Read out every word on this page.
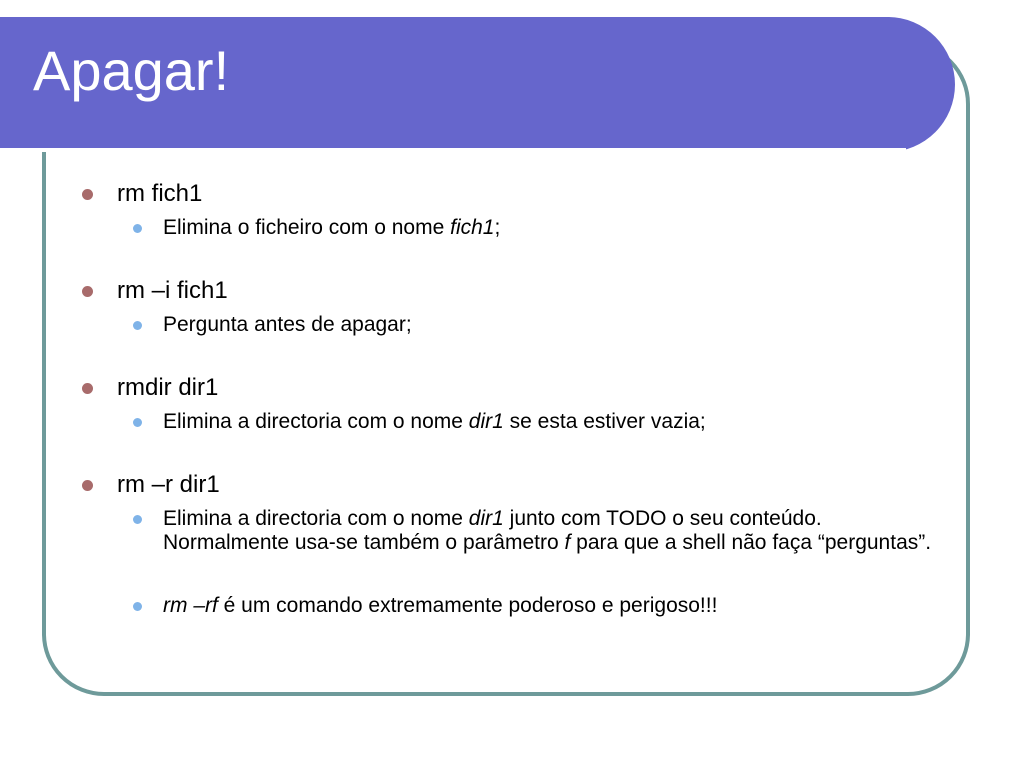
Apagar!
rm fich1
Elimina o ficheiro com o nome fich1;
rm –i fich1
Pergunta antes de apagar;
rmdir dir1
Elimina a directoria com o nome dir1 se esta estiver vazia;
rm –r dir1
Elimina a directoria com o nome dir1 junto com TODO o seu conteúdo. Normalmente usa-se também o parâmetro f para que a shell não faça “perguntas”.
rm –rf é um comando extremamente poderoso e perigoso!!!
